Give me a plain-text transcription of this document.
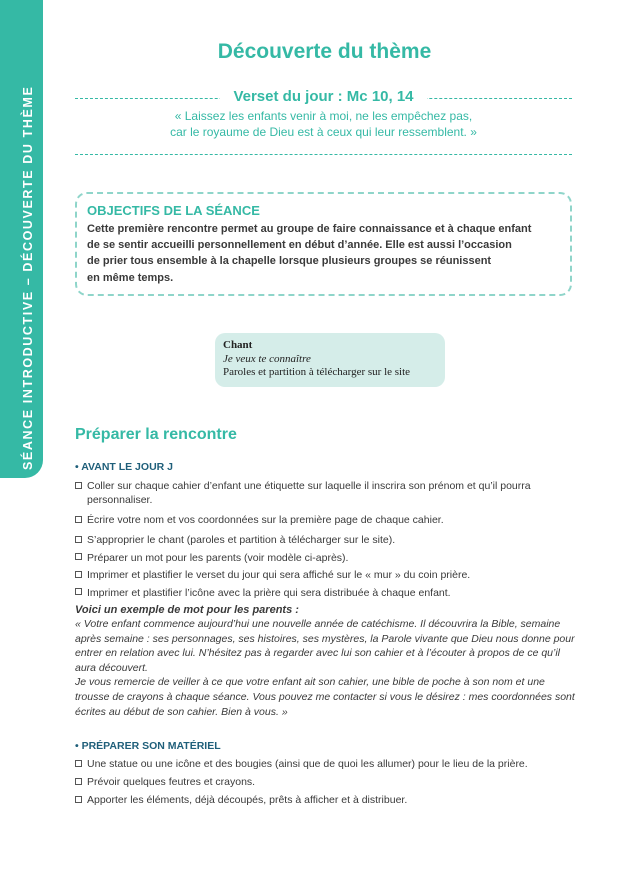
SÉANCE INTRODUCTIVE – DÉCOUVERTE DU THÈME
Découverte du thème
Verset du jour : Mc 10, 14
« Laissez les enfants venir à moi, ne les empêchez pas,
car le royaume de Dieu est à ceux qui leur ressemblent. »
OBJECTIFS DE LA SÉANCE
Cette première rencontre permet au groupe de faire connaissance et à chaque enfant
de se sentir accueilli personnellement en début d’année. Elle est aussi l’occasion
de prier tous ensemble à la chapelle lorsque plusieurs groupes se réunissent
en même temps.
Chant
Je veux te connaître
Paroles et partition à télécharger sur le site
Préparer la rencontre
• AVANT LE JOUR J
Coller sur chaque cahier d’enfant une étiquette sur laquelle il inscrira son prénom et qu’il pourra personnaliser.
Écrire votre nom et vos coordonnées sur la première page de chaque cahier.
S’approprier le chant (paroles et partition à télécharger sur le site).
Préparer un mot pour les parents (voir modèle ci-après).
Imprimer et plastifier le verset du jour qui sera affiché sur le « mur » du coin prière.
Imprimer et plastifier l’icône avec la prière qui sera distribuée à chaque enfant.
Voici un exemple de mot pour les parents :
« Votre enfant commence aujourd’hui une nouvelle année de catéchisme. Il découvrira la Bible, semaine après semaine : ses personnages, ses histoires, ses mystères, la Parole vivante que Dieu nous donne pour entrer en relation avec lui. N’hésitez pas à regarder avec lui son cahier et à l’écouter à propos de ce qu’il aura découvert.
Je vous remercie de veiller à ce que votre enfant ait son cahier, une bible de poche à son nom et une trousse de crayons à chaque séance. Vous pouvez me contacter si vous le désirez : mes coordonnées sont écrites au début de son cahier. Bien à vous. »
• PRÉPARER SON MATÉRIEL
Une statue ou une icône et des bougies (ainsi que de quoi les allumer) pour le lieu de la prière.
Prévoir quelques feutres et crayons.
Apporter les éléments, déjà découpés, prêts à afficher et à distribuer.
